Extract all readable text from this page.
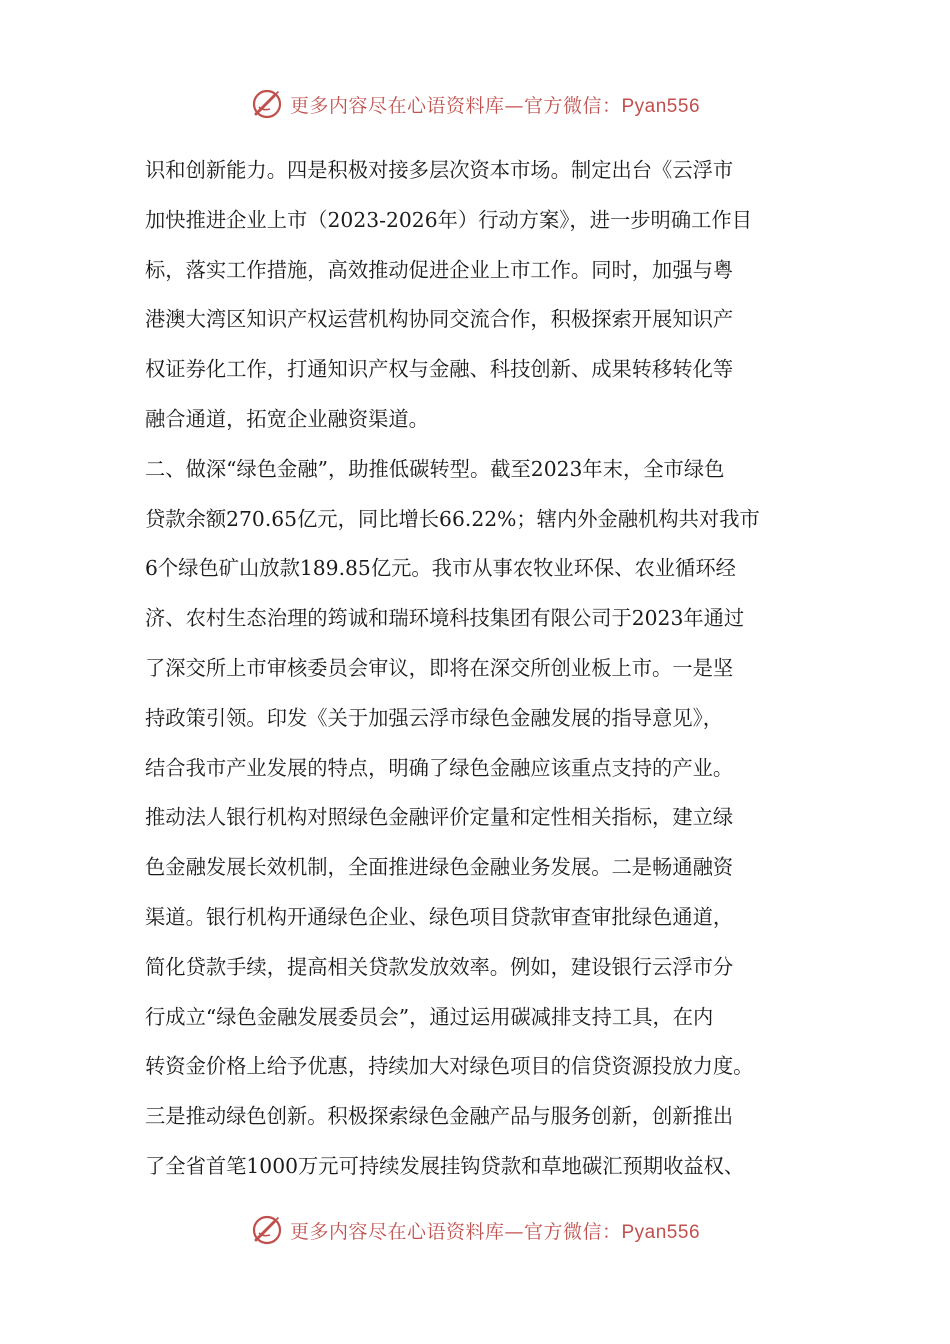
更多内容尽在心语资料库—官方微信：Pyan556
识和创新能力。四是积极对接多层次资本市场。制定出台《云浮市
加快推进企业上市（2023-2026年）行动方案》，进一步明确工作目
标，落实工作措施，高效推动促进企业上市工作。同时，加强与粤
港澳大湾区知识产权运营机构协同交流合作，积极探索开展知识产
权证券化工作，打通知识产权与金融、科技创新、成果转移转化等
融合通道，拓宽企业融资渠道。
二、做深“绿色金融”，助推低碳转型。截至2023年末，全市绿色
贷款余额270.65亿元，同比增长66.22%；辖内外金融机构共对我市
6个绿色矿山放款189.85亿元。我市从事农牧业环保、农业循环经
济、农村生态治理的筠诚和瑞环境科技集团有限公司于2023年通过
了深交所上市审核委员会审议，即将在深交所创业板上市。一是坚
持政策引领。印发《关于加强云浮市绿色金融发展的指导意见》，
结合我市产业发展的特点，明确了绿色金融应该重点支持的产业。
推动法人银行机构对照绿色金融评价定量和定性相关指标，建立绿
色金融发展长效机制，全面推进绿色金融业务发展。二是畅通融资
渠道。银行机构开通绿色企业、绿色项目贷款审查审批绿色通道，
简化贷款手续，提高相关贷款发放效率。例如，建设银行云浮市分
行成立“绿色金融发展委员会”，通过运用碳减排支持工具，在内
转资金价格上给予优惠，持续加大对绿色项目的信贷资源投放力度。
三是推动绿色创新。积极探索绿色金融产品与服务创新，创新推出
了全省首笔1000万元可持续发展挂钩贷款和草地碳汇预期收益权、
更多内容尽在心语资料库—官方微信：Pyan556
